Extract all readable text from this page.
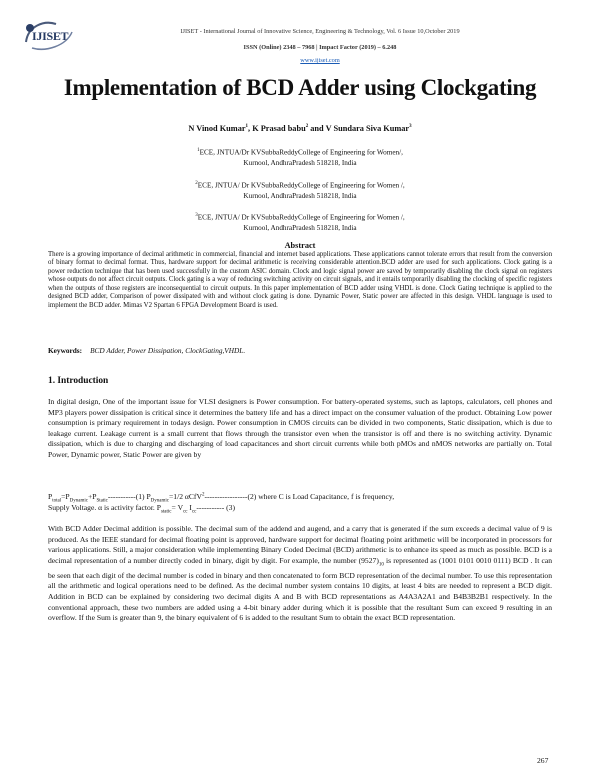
IJISET	IJISET - International Journal of Innovative Science, Engineering & Technology, Vol. 6 Issue 10,October 2019
ISSN (Online) 2348 – 7968 | Impact Factor (2019) – 6.248
www.ijiset.com
Implementation of BCD Adder using Clockgating
N Vinod Kumar$^1$, K Prasad babu$^2$ and V Sundara Siva Kumar$^3$
$^1$ECE, JNTUA/Dr KVSubbaReddyCollege of Engineering for Women/,
Kurnool, AndhraPradesh 518218, India
$^2$ECE, JNTUA/ Dr KVSubbaReddyCollege of Engineering for Women /,
Kurnool, AndhraPradesh 518218, India
$^3$ECE, JNTUA/ Dr KVSubbaReddyCollege of Engineering for Women /,
Kurnool, AndhraPradesh 518218, India
Abstract
There is a growing importance of decimal arithmetic in commercial, financial and internet based applications. These applications cannot tolerate errors that result from the conversion of binary format to decimal format. Thus, hardware support for decimal arithmetic is receiving considerable attention.BCD adder are used for such applications. Clock gating is a power reduction technique that has been used successfully in the custom ASIC domain. Clock and logic signal power are saved by temporarily disabling the clock signal on registers whose outputs do not affect circuit outputs. Clock gating is a way of reducing switching activity on circuit signals, and it entails temporarily disabling the clocking of specific registers when the outputs of those registers are inconsequential to circuit outputs. In this paper implementation of BCD adder using VHDL is done. Clock Gating technique is applied to the designed BCD adder, Comparison of power dissipated with and without clock gating is done. Dynamic Power, Static power are affected in this design. VHDL language is used to implement the BCD adder. Mimas V2 Spartan 6 FPGA Development Board is used.
Keywords: BCD Adder, Power Dissipation, ClockGating,VHDL.
1. Introduction
In digital design, One of the important issue for VLSI designers is Power consumption. For battery-operated systems, such as laptops, calculators, cell phones and MP3 players power dissipation is critical since it determines the battery life and has a direct impact on the consumer valuation of the product. Obtaining Low power consumption is primary requirement in todays design. Power consumption in CMOS circuits can be divided in two components, Static dissipation, which is due to leakage current. Leakage current is a small current that flows through the transistor even when the transistor is off and there is no switching activity. Dynamic dissipation, which is due to charging and discharging of load capacitances and short circuit currents while both pMOs and nMOS networks are partially on. Total Power, Dynamic power, Static Power are given by
$P_{total}=P_{Dynamic}+P_{Static}-----------(1)$ $P_{Dynamic}=1/2$ αCfV$^2$-----------------(2) where C is Load Capacitance, f is frequency,
Supply Voltage. α is activity factor. $P_{static}= V_{cc}$ $I_{cc}-----------$ (3)
With BCD Adder Decimal addition is possible. The decimal sum of the addend and augend, and a carry that is generated if the sum exceeds a decimal value of 9 is produced. As the IEEE standard for decimal floating point is approved, hardware support for decimal floating point arithmetic will be incorporated in processors for various applications. Still, a major consideration while implementing Binary Coded Decimal (BCD) arithmetic is to enhance its speed as much as possible. BCD is a decimal representation of a number directly coded in binary, digit by digit. For example, the number $(9527)_{10}$ is represented as (1001 0101 0010 0111) BCD . It can be seen that each digit of the decimal number is coded in binary and then concatenated to form BCD representation of the decimal number. To use this representation all the arithmetic and logical operations need to be defined. As the decimal number system contains 10 digits, at least 4 bits are needed to represent a BCD digit. Addition in BCD can be explained by considering two decimal digits A and B with BCD representations as A4A3A2A1 and B4B3B2B1 respectively. In the conventional approach, these two numbers are added using a 4-bit binary adder during which it is possible that the resultant Sum can exceed 9 resulting in an overflow. If the Sum is greater than 9, the binary equivalent of 6 is added to the resultant Sum to obtain the exact BCD representation.
267
